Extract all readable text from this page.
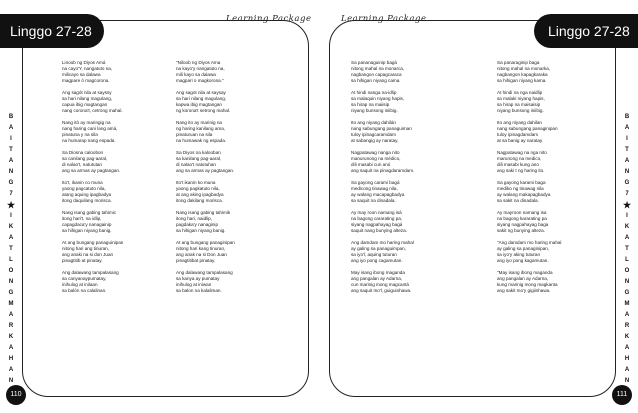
Linggo 27-28
Learning Package
B
A
I
T
A
N
G
7
★
I
K
A
T
L
O
N
G
M
A
R
K
A
H
A
N
Linoob ng Diyos Amá
na cayo'Y, nangatuto na,
milicayo sa dalawa
magpare ó magcorona.
Ang sagót nila at sayssy
sa hari nilang magulang,
capua ibig magtangan
nang corona't, cetrong mahal.
Nang itò ay maringig na
nang haring cani lang amá,
pinatuna y na sila
na humarap nang espada.
Sa Diosna caloobon
sa canilang pag-aaral,
di nalao't, natututan
ang sa armas ay pagtangan.
Ito't, ikanin co muna
yaong pagcatuto nila,
atang aquing ipagbadya
itong daquilang morisca.
Nang isang gabing tahimic
itong hari't, na idlip,
capagdaca'y nanagainip
sa hihigan niyang banig.
At ang bungang panaguinipan
nitong hari ang tinuran,
ang anaki na si don Juan
pinagtitib at pinatay.
Ang dalawang tampalasang
sa canyanaypumatay,
inihulog at inilaan
sa balón na calalinan.
"Niloob ng Diyos Ama
na kayo'y nangatuto na,
mili kayo sa dalawa
magpari o magkorona."
Ang sagot nila at saysay
sa hari nilang magulang,
kapwa ibig magtangan
ng korona't setrong mahal.
Nang ito ay marinig na
ng haring kanilang ama,
pinaturuan na sila
na humawak ng espada.
Sa Diyos na kalooban
sa kanilang pag-aaral,
di nalao't natutuhan
ang sa armas ay pagtangan.
Ito't ikanin ko muna
yaong pagkatuto nila,
at ang aking ipagbadya
itong dakilang morisca.
Nang isang gabing tahimik
itong hari, naidlip,
pagdaka'y nanaginip
sa hihigan niyang banig.
At ang bungang panaginipan
nitong hari kang tinuran,
ang anak na si Don Juan
pinagtitibat pinatay.
Ang dalawang tampalasang
sa kanya ay pumatay
inihulog at iniwan
sa balon na kalaliman.
110
Linggo 27-28
Learning Package
B
A
I
T
A
N
G
7
★
I
K
A
T
L
O
N
G
M
A
R
K
A
H
A
N
Sa pananaguinip bagá
nitong mahal na monarca,
nagbangon capagcaraca
sa hihigan niyang cama.
At hindi nanga na-idlip
sa malaquin niyang hapis,
sa hirap na maiisip
niyang bunsong iniibig.
Ito ang niyang dahilán
nang sabungang panaguiman
tuloy ipinagcaramdam
at sabangig ay naratay.
Nagpatawag nanga nito
manurunong na médico,
dili masabi cun anó
ang saquit na pinagdaramdam.
Sa gayong carami bagá
medicong tinawag nila,
ay walang macapagbadya
sa saquit na dinadala.
Ay may roon namang isá
na bagong cararating pa,
siyang nagpahayag bagá
saquit nang bunying alteza.
Ang damdam mo haring mahal
ay galing sa panaguimpan,
sa iyo'l, aquing tuturan
ang iyo pong cagamutan.
May isang ibong maganda
ang pangalan ay Adarna,
cun marinig mong magcantá
ang saquit mo'l, guiguinhawa.
Sa panaraginip baga
nitong mahal na monarka,
nagbangon kapagkaraka
sa hihigan niyang kama.
At hindi na nga naidlip
sa malaki niyang hapis,
sa hirap na maisaisip
niyang bunsong iniibig.
Ito ang niyang dahilan
nang sabungang panaginipan
tuloy ipinagdamdam
at sa banig ay naratay.
Nagpatawag na nga nito
marunong na medico,
dili masabi kung ano
ang saki t ng haring ito.
Sa gayong karami baga
mediko ng tinawag nila
ay walang makapagbadya
sa sakit na dinadala.
Ay mayroon namang isa
na bagong kararating pa
siyang nagpahayag baga
sakit ng bunying alteza.
"Ang damdam mo haring mahal
ay galing sa panaginipan,
sa iyo'y aking tuturan
ang iyo pong kagamutan.
"May isang ibong maganda
ang pangalan ay Adarna,
kung marinig mong magkanta
ang sakit mo'y gigiinhawa.
111
